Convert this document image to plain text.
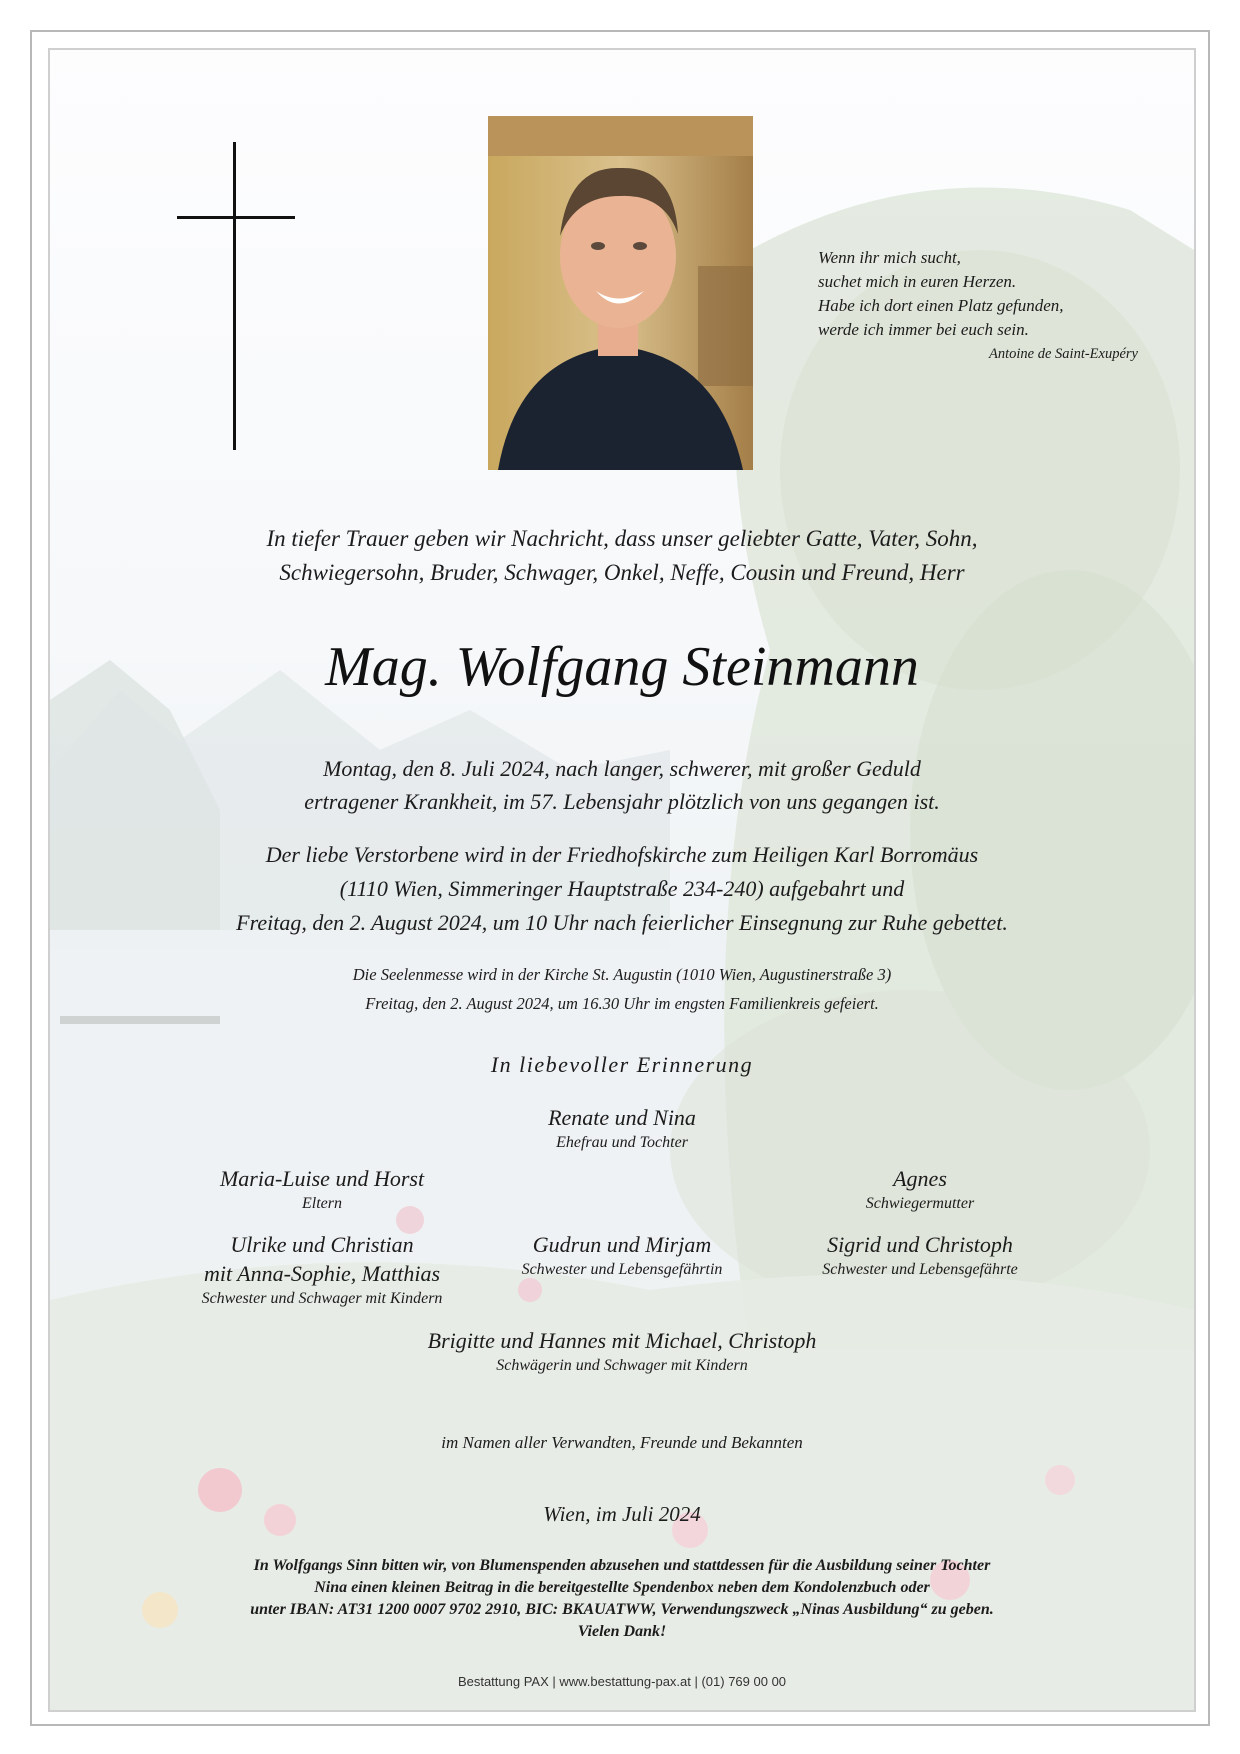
Wenn ihr mich sucht,
suchet mich in euren Herzen.
Habe ich dort einen Platz gefunden,
werde ich immer bei euch sein.
Antoine de Saint-Exupéry
In tiefer Trauer geben wir Nachricht, dass unser geliebter Gatte, Vater, Sohn,
Schwiegersohn, Bruder, Schwager, Onkel, Neffe, Cousin und Freund, Herr
Mag. Wolfgang Steinmann
Montag, den 8. Juli 2024, nach langer, schwerer, mit großer Geduld
ertragener Krankheit, im 57. Lebensjahr plötzlich von uns gegangen ist.
Der liebe Verstorbene wird in der Friedhofskirche zum Heiligen Karl Borromäus
(1110 Wien, Simmeringer Hauptstraße 234-240) aufgebahrt und
Freitag, den 2. August 2024, um 10 Uhr nach feierlicher Einsegnung zur Ruhe gebettet.
Die Seelenmesse wird in der Kirche St. Augustin (1010 Wien, Augustinerstraße 3)
Freitag, den 2. August 2024, um 16.30 Uhr im engsten Familienkreis gefeiert.
In liebevoller Erinnerung
Renate und Nina
Ehefrau und Tochter
Maria-Luise und Horst
Eltern
Agnes
Schwiegermutter
Ulrike und Christian
mit Anna-Sophie, Matthias
Schwester und Schwager mit Kindern
Gudrun und Mirjam
Schwester und Lebensgefährtin
Sigrid und Christoph
Schwester und Lebensgefährte
Brigitte und Hannes mit Michael, Christoph
Schwägerin und Schwager mit Kindern
im Namen aller Verwandten, Freunde und Bekannten
Wien, im Juli 2024
In Wolfgangs Sinn bitten wir, von Blumenspenden abzusehen und stattdessen für die Ausbildung seiner Tochter
Nina einen kleinen Beitrag in die bereitgestellte Spendenbox neben dem Kondolenzbuch oder
unter IBAN: AT31 1200 0007 9702 2910, BIC: BKAUATWW, Verwendungszweck „Ninas Ausbildung“ zu geben.
Vielen Dank!
Bestattung PAX | www.bestattung-pax.at | (01) 769 00 00
